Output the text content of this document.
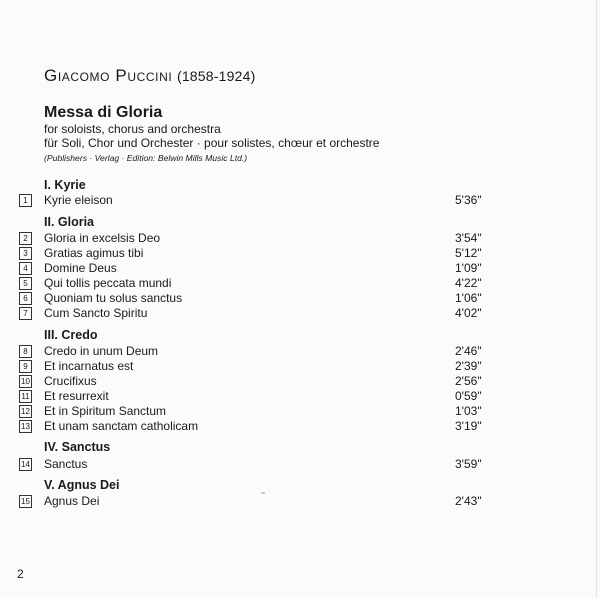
Giacomo Puccini (1858-1924)
Messa di Gloria
for soloists, chorus and orchestra
für Soli, Chor und Orchester · pour solistes, chœur et orchestre
(Publishers · Verlag · Edition: Belwin Mills Music Ltd.)
I. Kyrie
1	Kyrie eleison	5'36"
II. Gloria
2	Gloria in excelsis Deo	3'54"
3	Gratias agimus tibi	5'12"
4	Domine Deus	1'09"
5	Qui tollis peccata mundi	4'22"
6	Quoniam tu solus sanctus	1'06"
7	Cum Sancto Spiritu	4'02"
III. Credo
8	Credo in unum Deum	2'46"
9	Et incarnatus est	2'39"
10 Crucifixus	2'56"
11 Et resurrexit	0'59"
12 Et in Spiritum Sanctum	1'03"
13 Et unam sanctam catholicam	3'19"
IV. Sanctus
14 Sanctus	3'59"
V. Agnus Dei
15 Agnus Dei	2'43"
2
